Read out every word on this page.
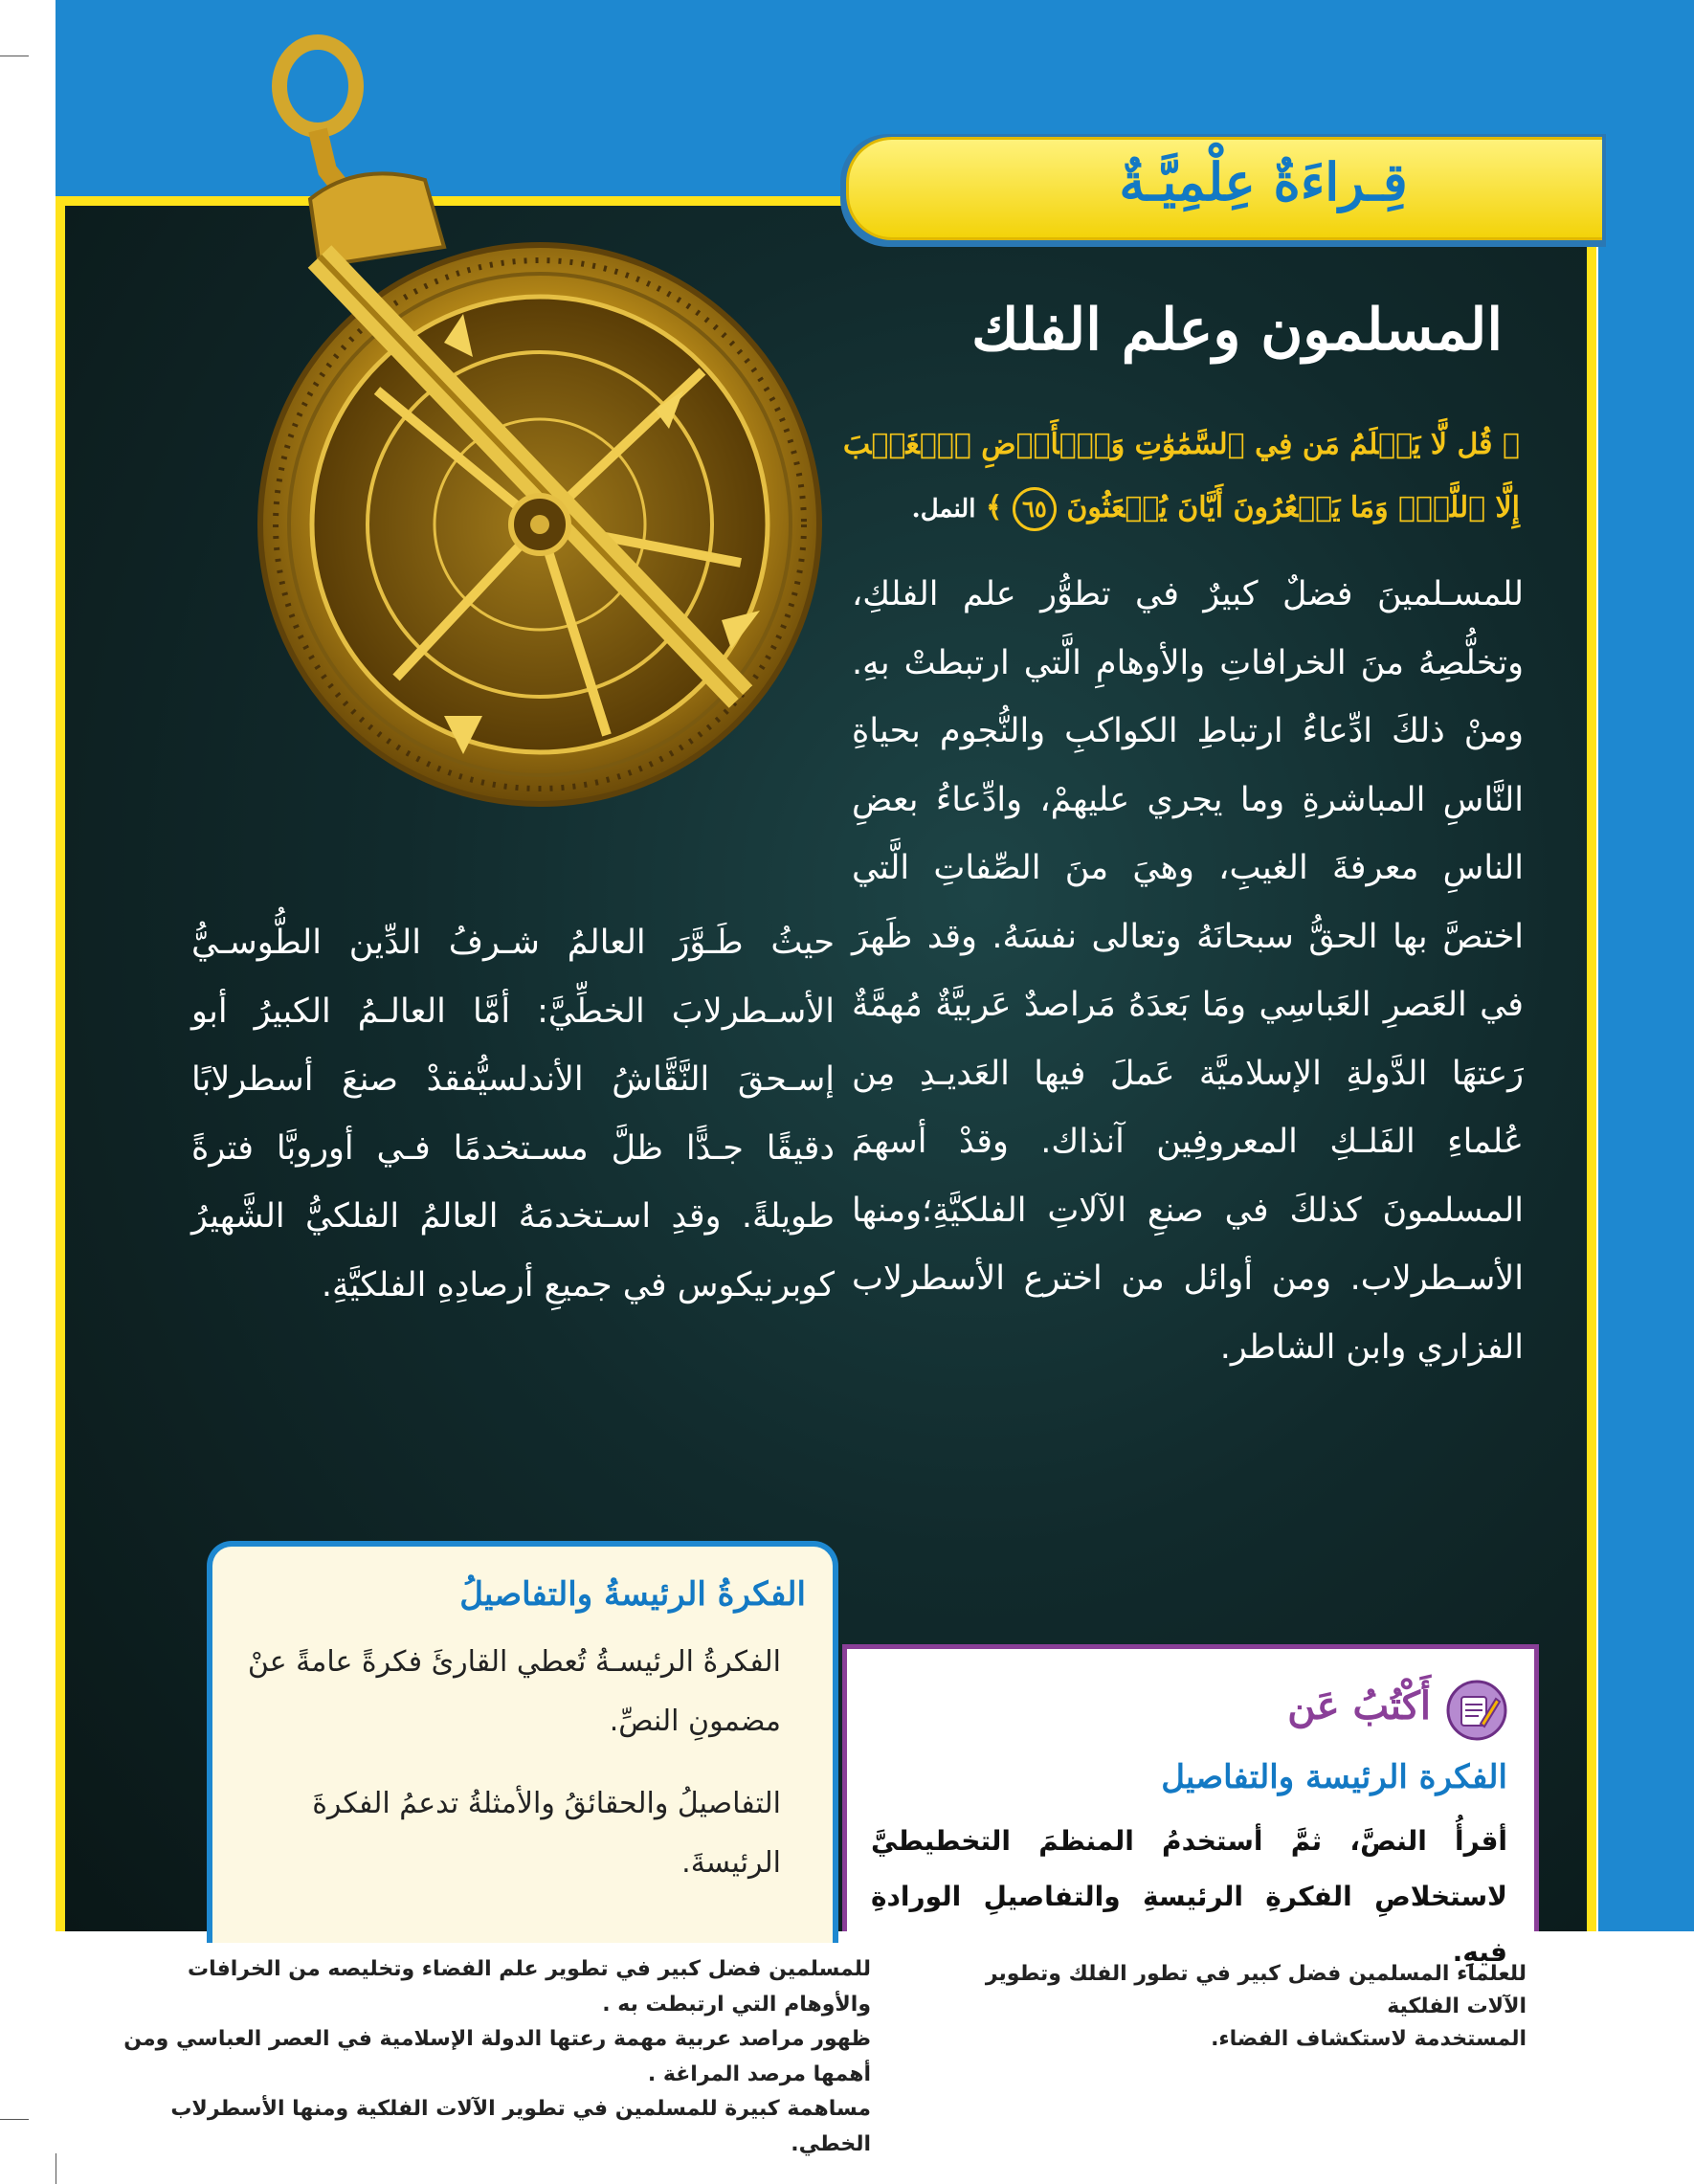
قِـراءَةٌ عِلْمِيَّـةٌ
المسلمون وعلم الفلك
﴿ قُل لَّا يَعۡلَمُ مَن فِي ٱلسَّمَٰوَٰتِ وَٱلۡأَرۡضِ ٱلۡغَيۡبَ إِلَّا ٱللَّهُۚ وَمَا يَشۡعُرُونَ أَيَّانَ يُبۡعَثُونَ ٦٥ ﴾ النمل.
للمسـلمينَ فضلٌ كبيرٌ في تطوُّر علم الفلكِ، وتخلُّصِهُ منَ الخرافاتِ والأوهامِ الَّتي ارتبطتْ بهِ. ومنْ ذلكَ ادِّعاءُ ارتباطِ الكواكبِ والنُّجوم بحياةِ النَّاسِ المباشرةِ وما يجري عليهمْ، وادِّعاءُ بعضِ الناسِ معرفةَ الغيبِ، وهيَ منَ الصِّفاتِ الَّتي اختصَّ بها الحقُّ سبحانَهُ وتعالى نفسَهُ. وقد ظَهرَ في العَصرِ العَباسِي ومَا بَعدَهُ مَراصدٌ عَربيَّةٌ مُهمَّةٌ رَعتهَا الدَّولةِ الإسلاميَّة عَملَ فيها العَديـدِ مِن عُلماءِ الفَلـكِ المعروفِين آنذاك. وقدْ أسهمَ المسلمونَ كذلكَ في صنعِ الآلاتِ الفلكيَّةِ؛ومنها الأسـطرلاب. ومن أوائل من اخترع الأسطرلاب الفزاري وابن الشاطر.
حيثُ طَـوَّرَ العالمُ شـرفُ الدِّين الطُّوسـيُّ الأسـطرلابَ الخطِّيَّ: أمَّا العالـمُ الكبيرُ أبو إسـحقَ النَّقَّاشُ الأندلسيُّفقدْ صنعَ أسطرلابًا دقيقًا جـدًّا ظلَّ مسـتخدمًا فـي أوروبَّا فترةً طويلةً. وقدِ اسـتخدمَهُ العالمُ الفلكيُّ الشَّهيرُ كوبرنيكوس في جميعِ أرصادِهِ الفلكيَّةِ.
الفكرةُ الرئيسةُ والتفاصيلُ
الفكرةُ الرئيسـةُ تُعطي القارئَ فكرةً عامةً عنْ مضمونِ النصِّ.
التفاصيلُ والحقائقُ والأمثلةُ تدعمُ الفكرةَ الرئيسةَ.
أَكْتُبُ عَن
الفكرة الرئيسة والتفاصيل
أقرأُ النصَّ، ثمَّ أستخدمُ المنظمَ التخطيطيَّ لاستخلاصِ الفكرةِ الرئيسةِ والتفاصيلِ الورادةِ فيهِ.
للمسلمين فضل كبير في تطوير علم الفضاء وتخليصه من الخرافات
والأوهام التي ارتبطت به .
ظهور مراصد عربية مهمة رعتها الدولة الإسلامية في العصر العباسي ومن
أهمها مرصد المراغة .
مساهمة كبيرة للمسلمين في تطوير الآلات الفلكية ومنها الأسطرلاب الخطي.
للعلماء المسلمين فضل كبير في تطور الفلك وتطوير الآلات الفلكية
المستخدمة لاستكشاف الفضاء.
